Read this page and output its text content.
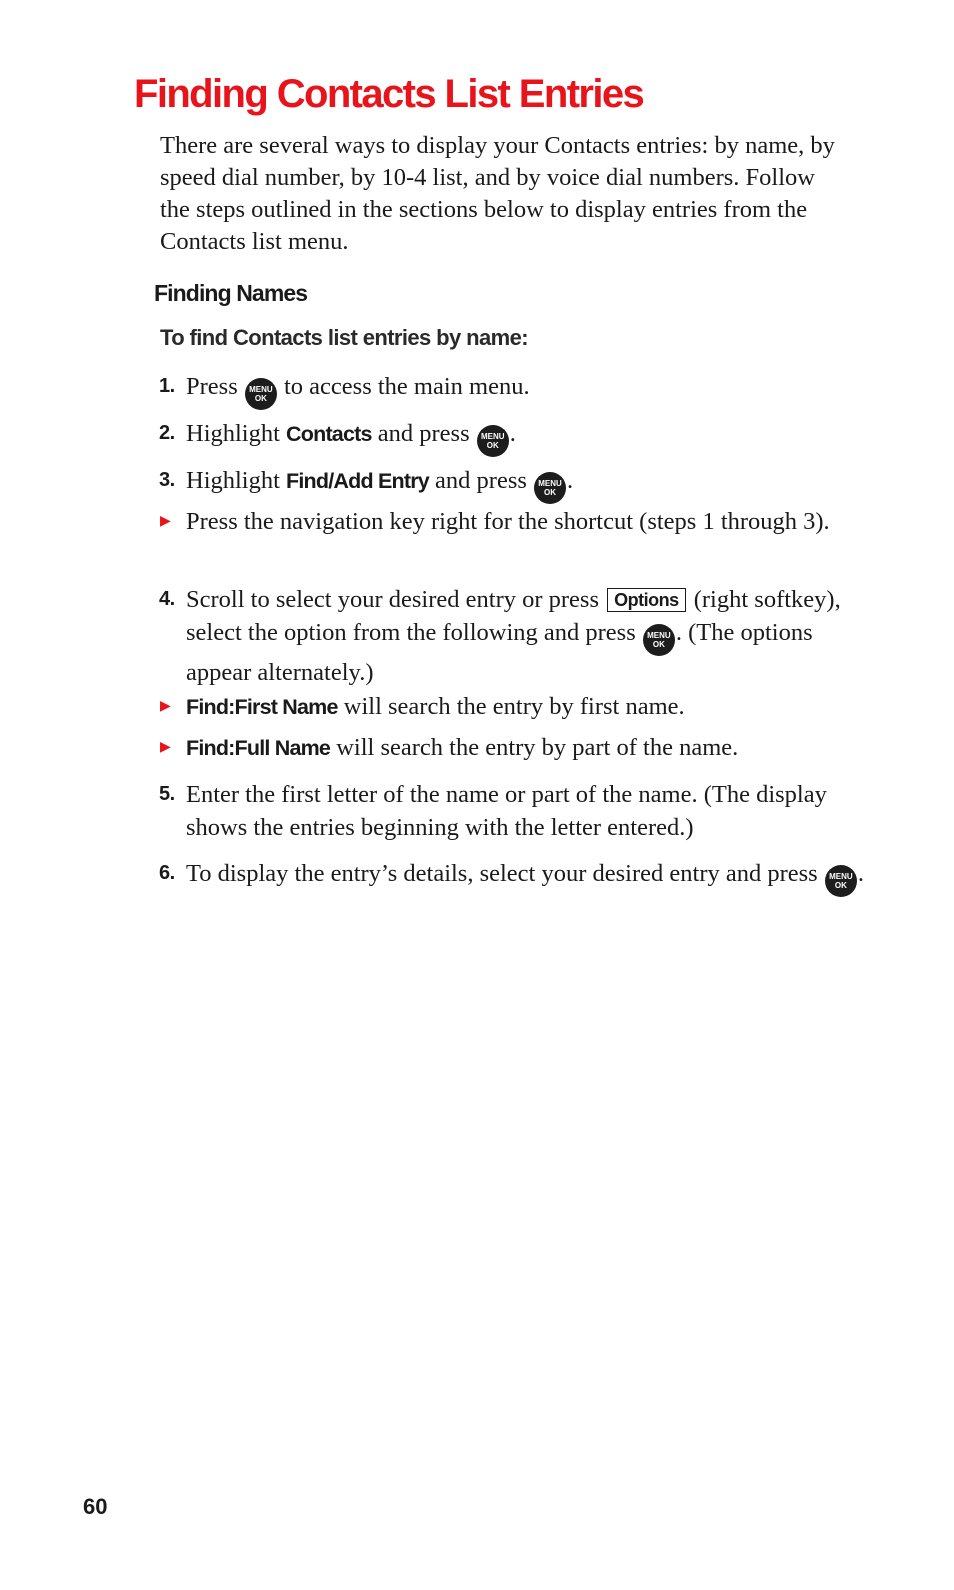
Finding Contacts List Entries

There are several ways to display your Contacts entries: by name, by speed dial number, by 10-4 list, and by voice dial numbers. Follow the steps outlined in the sections below to display entries from the Contacts list menu.

Finding Names

To find Contacts list entries by name:

1. Press	MENU
OK to access the main menu.
2. Highlight Contacts and press	MENU
OK .
3. Highlight Find/Add Entry and press	MENU
OK .
▶ Press the navigation key right for the shortcut (steps 1 through 3).
4. Scroll to select your desired entry or press Options (right softkey), select the option from the following and press	MENU
OK . (The options appear alternately.)
▶ Find:First Name will search the entry by first name.
▶ Find:Full Name will search the entry by part of the name.
5. Enter the first letter of the name or part of the name. (The display shows the entries beginning with the letter entered.)
6. To display the entry’s details, select your desired entry and press	MENU
OK .
60
